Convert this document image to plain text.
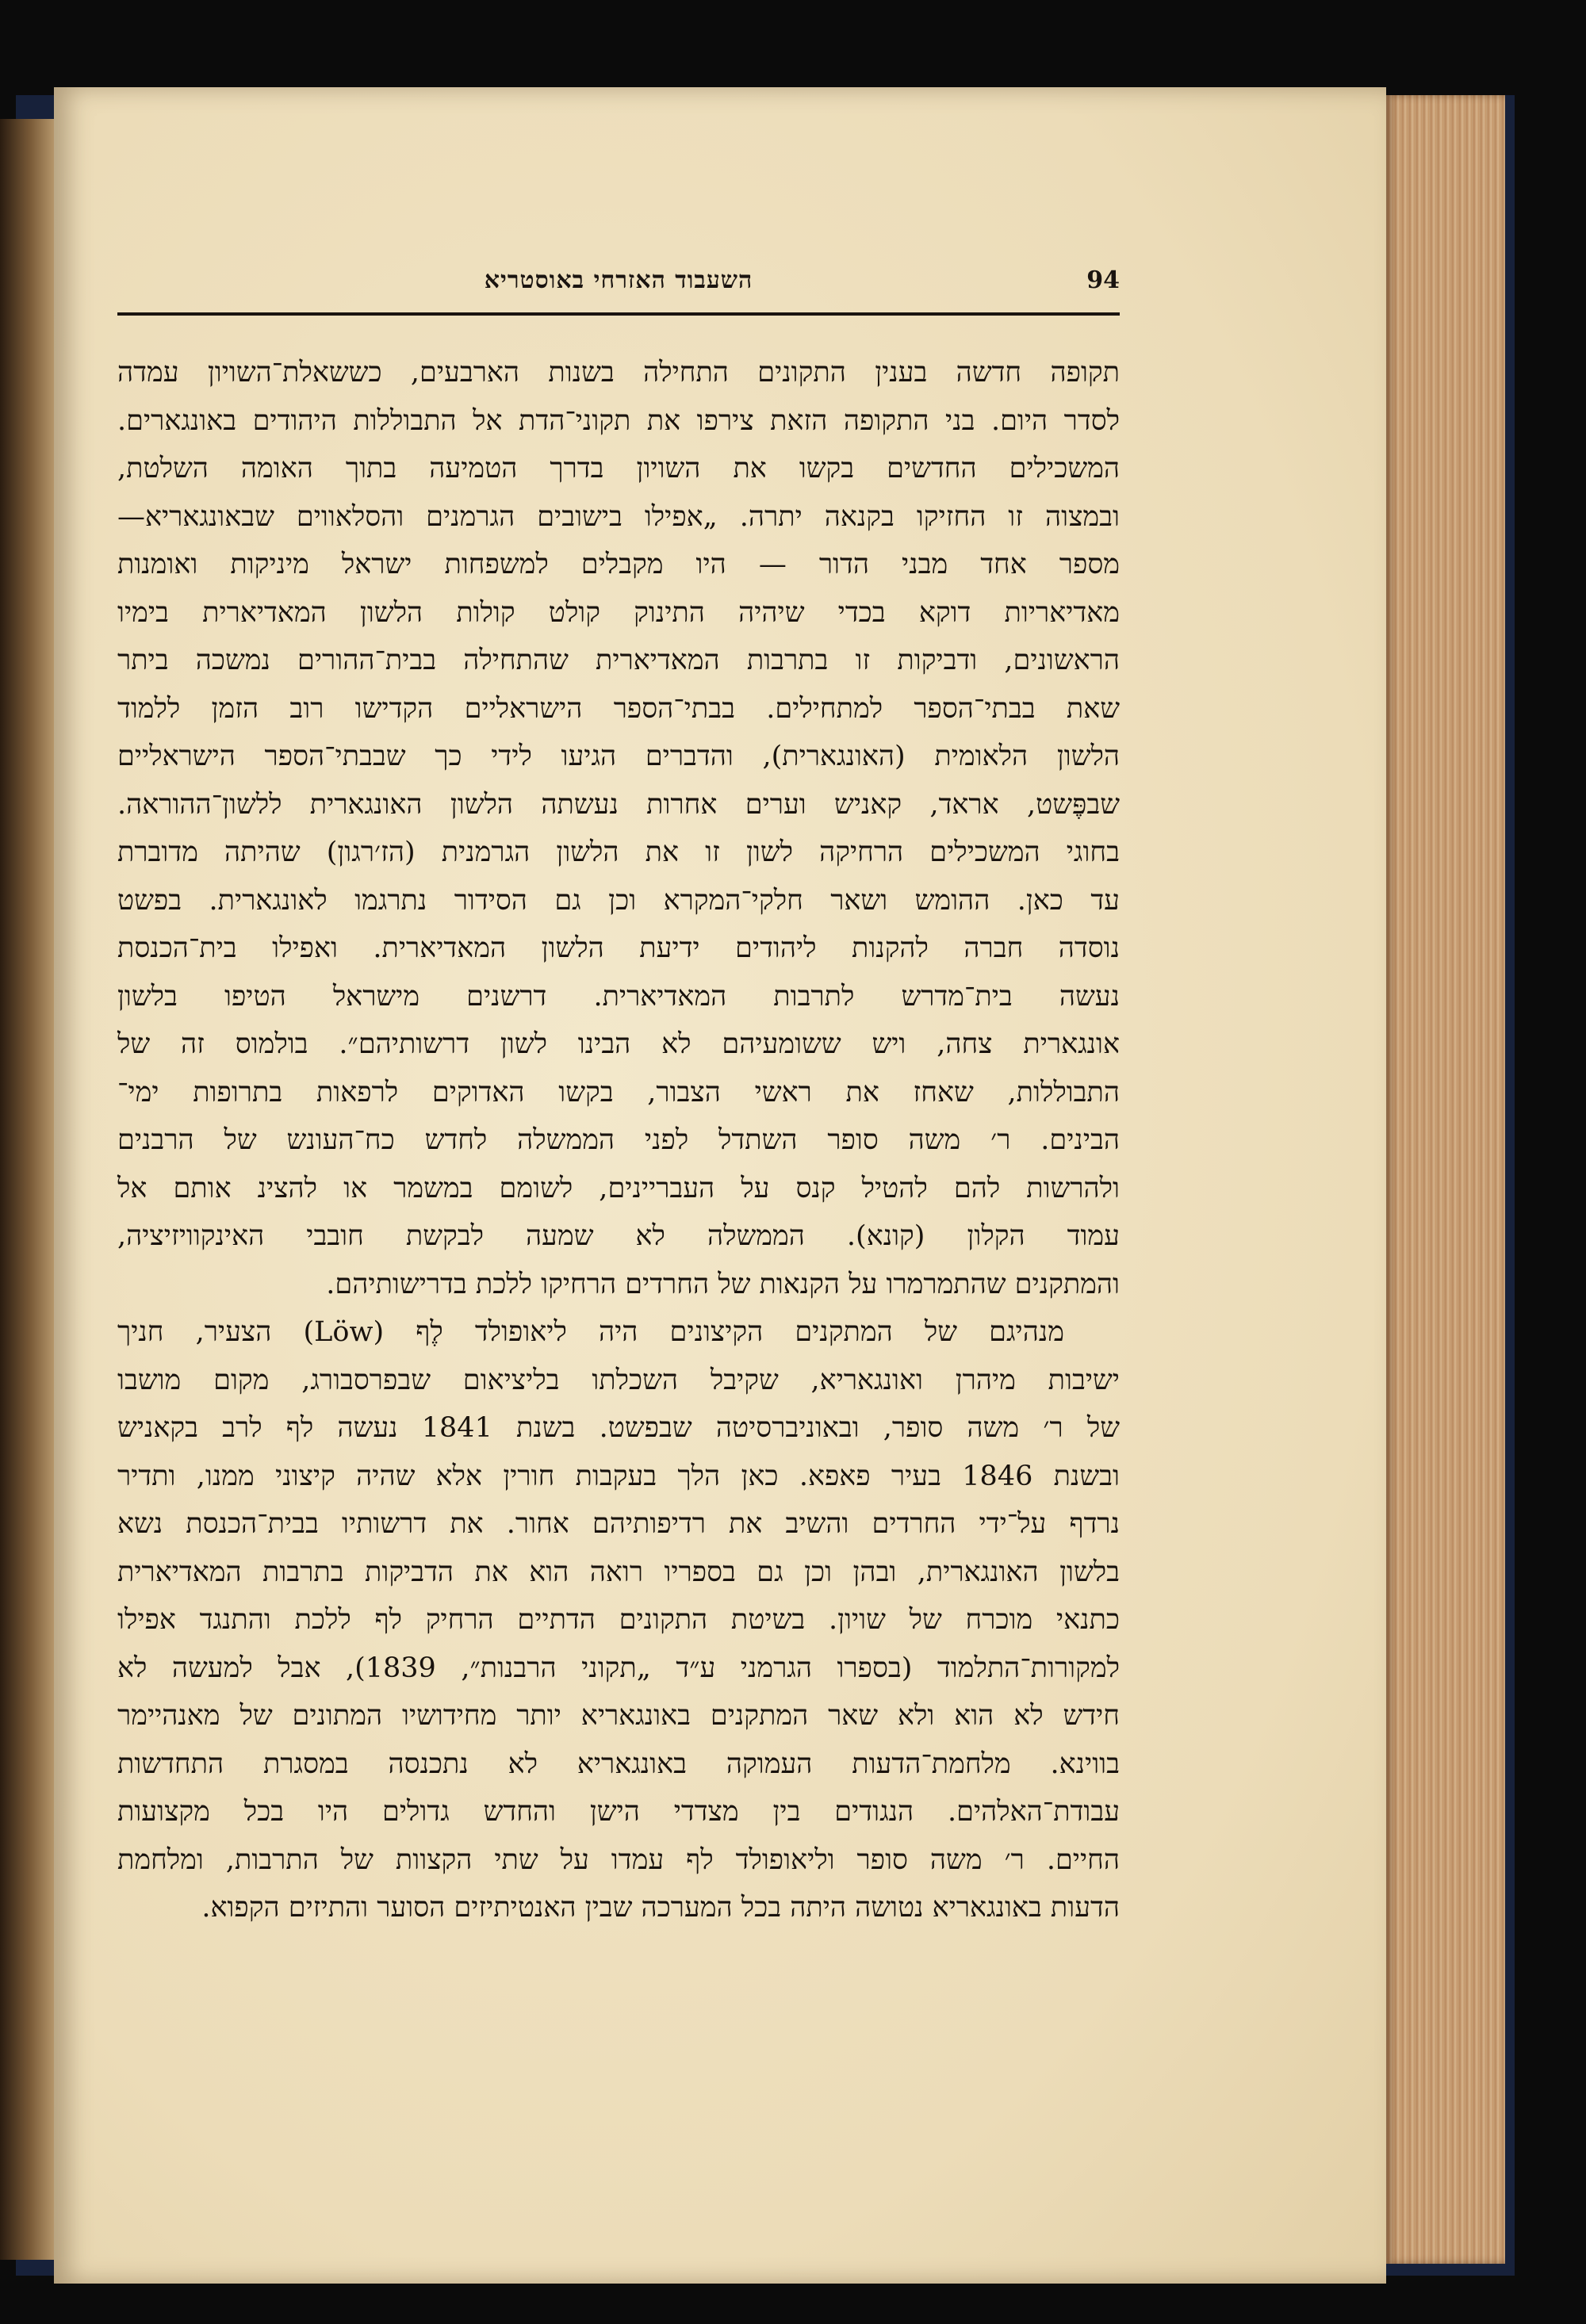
94
השעבוד האזרחי באוסטריא
תקופה חדשה בענין התקונים התחילה בשנות הארבעים, כששאלת־השויון עמדה
לסדר היום. בני התקופה הזאת צירפו את תקוני־הדת אל התבוללות היהודים באונגארים.
המשכילים החדשים בקשו את השויון בדרך הטמיעה בתוך האומה השלטת,
ובמצוה זו החזיקו בקנאה יתרה. „אפילו בישובים הגרמנים והסלאווים שבאונגאריא—
מספר אחד מבני הדור — היו מקבלים למשפחות ישראל מיניקות ואומנות
מאדיאריות דוקא בכדי שיהיה התינוק קולט קולות הלשון המאדיארית בימיו
הראשונים, ודביקות זו בתרבות המאדיארית שהתחילה בבית־ההורים נמשכה ביתר
שאת בבתי־הספר למתחילים. בבתי־הספר הישראליים הקדישו רוב הזמן ללמוד
הלשון הלאומית (האונגארית), והדברים הגיעו לידי כך שבבתי־הספר הישראליים
שבפֶּשט, אראד, קאניש וערים אחרות נעשתה הלשון האונגארית ללשון־ההוראה.
בחוגי המשכילים הרחיקה לשון זו את הלשון הגרמנית (הז׳רגון) שהיתה מדוברת
עד כאן. ההומש ושאר חלקי־המקרא וכן גם הסידור נתרגמו לאונגארית. בפשט
נוסדה חברה להקנות ליהודים ידיעת הלשון המאדיארית. ואפילו בית־הכנסת
נעשה בית־מדרש לתרבות המאדיארית. דרשנים מישראל הטיפו בלשון
אונגארית צחה, ויש ששומעיהם לא הבינו לשון דרשותיהם״. בולמוס זה של
התבוללות, שאחז את ראשי הצבור, בקשו האדוקים לרפאות בתרופות ימי־
הבינים. ר׳ משה סופר השתדל לפני הממשלה לחדש כח־העונש של הרבנים
ולהרשות להם להטיל קנס על העבריינים, לשומם במשמר או להצינ אותם אל
עמוד הקלון (קונא). הממשלה לא שמעה לבקשת חובבי האינקוויזיציה,
והמתקנים שהתמרמרו על הקנאות של החרדים הרחיקו ללכת בדרישותיהם.
מנהיגם של המתקנים הקיצונים היה ליאופולד לֶף (Löw) הצעיר, חניך
ישיבות מיהרן ואונגאריא, שקיבל השכלתו בליציאום שבפרסבורג, מקום מושבו
של ר׳ משה סופר, ובאוניברסיטה שבפשט. בשנת 1841 נעשה לף לרב בקאניש
ובשנת 1846 בעיר פאפא. כאן הלך בעקבות חורין אלא שהיה קיצוני ממנו, ותדיר
נרדף על־ידי החרדים והשיב את רדיפותיהם אחור. את דרשותיו בבית־הכנסת נשא
בלשון האונגארית, ובהן וכן גם בספריו רואה הוא את הדביקות בתרבות המאדיארית
כתנאי מוכרח של שויון. בשיטת התקונים הדתיים הרחיק לף ללכת והתנגד אפילו
למקורות־התלמוד (בספרו הגרמני ע״ד „תקוני הרבנות״, 1839), אבל למעשה לא
חידש לא הוא ולא שאר המתקנים באונגאריא יותר מחידושיו המתונים של מאנהיימר
בווינא. מלחמת־הדעות העמוקה באונגאריא לא נתכנסה במסגרת התחדשות
עבודת־האלהים. הנגודים בין מצדדי הישן והחדש גדולים היו בכל מקצועות
החיים. ר׳ משה סופר וליאופולד לף עמדו על שתי הקצוות של התרבות, ומלחמת
הדעות באונגאריא נטושה היתה בכל המערכה שבין האנטיתיזים הסוער והתיזים הקפוא.
